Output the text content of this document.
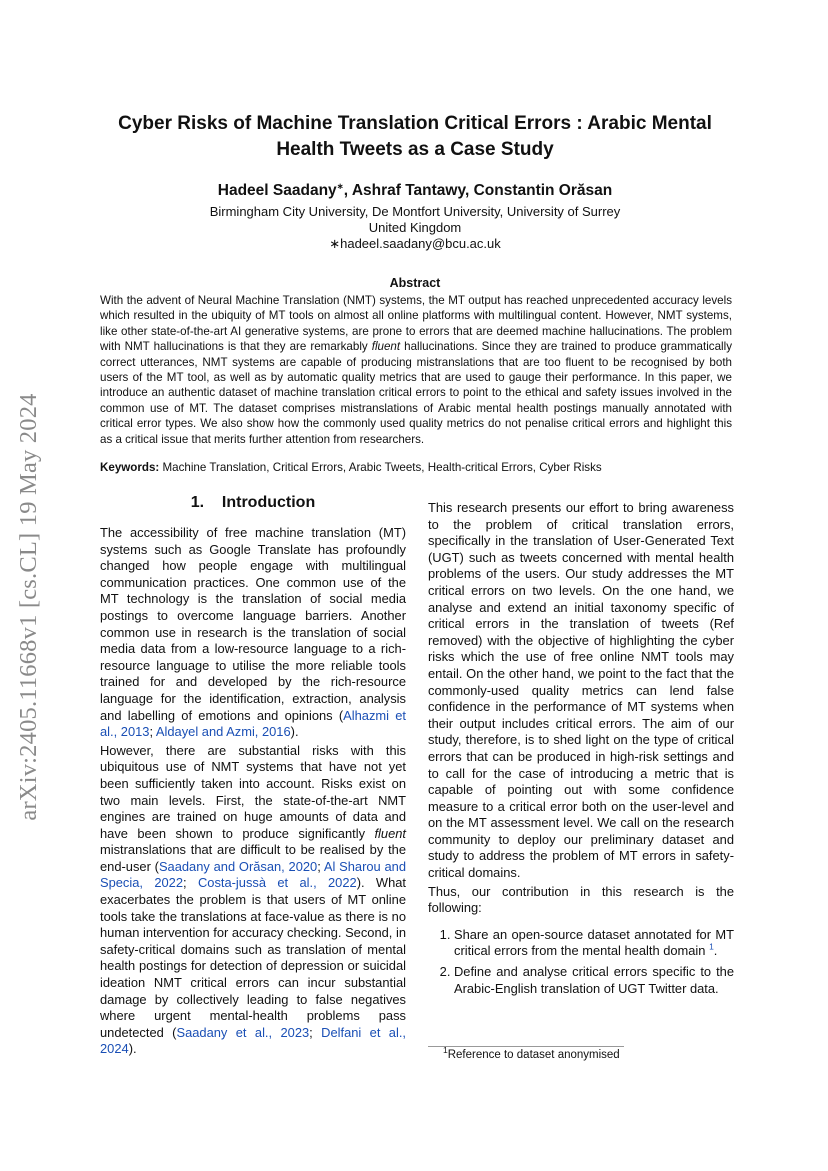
arXiv:2405.11668v1 [cs.CL] 19 May 2024
Cyber Risks of Machine Translation Critical Errors : Arabic Mental
Health Tweets as a Case Study
Hadeel Saadany∗, Ashraf Tantawy, Constantin Orăsan
Birmingham City University, De Montfort University, University of Surrey
United Kingdom
∗hadeel.saadany@bcu.ac.uk
Abstract
With the advent of Neural Machine Translation (NMT) systems, the MT output has reached unprecedented accuracy levels which resulted in the ubiquity of MT tools on almost all online platforms with multilingual content. However, NMT systems, like other state-of-the-art AI generative systems, are prone to errors that are deemed machine hallucinations. The problem with NMT hallucinations is that they are remarkably fluent hallucinations. Since they are trained to produce grammatically correct utterances, NMT systems are capable of producing mistranslations that are too fluent to be recognised by both users of the MT tool, as well as by automatic quality metrics that are used to gauge their performance. In this paper, we introduce an authentic dataset of machine translation critical errors to point to the ethical and safety issues involved in the common use of MT. The dataset comprises mistranslations of Arabic mental health postings manually annotated with critical error types. We also show how the commonly used quality metrics do not penalise critical errors and highlight this as a critical issue that merits further attention from researchers.
Keywords: Machine Translation, Critical Errors, Arabic Tweets, Health-critical Errors, Cyber Risks
1. Introduction

The accessibility of free machine translation (MT) systems such as Google Translate has profoundly changed how people engage with multilingual communication practices. One common use of the MT technology is the translation of social media postings to overcome language barriers. Another common use in research is the translation of social media data from a low-resource language to a rich-resource language to utilise the more reliable tools trained for and developed by the rich-resource language for the identification, extraction, analysis and labelling of emotions and opinions (Alhazmi et al., 2013; Aldayel and Azmi, 2016).

However, there are substantial risks with this ubiquitous use of NMT systems that have not yet been sufficiently taken into account. Risks exist on two main levels. First, the state-of-the-art NMT engines are trained on huge amounts of data and have been shown to produce significantly fluent mistranslations that are difficult to be realised by the end-user (Saadany and Orăsan, 2020; Al Sharou and Specia, 2022; Costa-jussà et al., 2022). What exacerbates the problem is that users of MT online tools take the translations at face-value as there is no human intervention for accuracy checking. Second, in safety-critical domains such as translation of mental health postings for detection of depression or suicidal ideation NMT critical errors can incur substantial damage by collectively leading to false negatives where urgent mental-health problems pass undetected (Saadany et al., 2023; Delfani et al., 2024).

This research presents our effort to bring awareness to the problem of critical translation errors, specifically in the translation of User-Generated Text (UGT) such as tweets concerned with mental health problems of the users. Our study addresses the MT critical errors on two levels. On the one hand, we analyse and extend an initial taxonomy specific of critical errors in the translation of tweets (Ref removed) with the objective of highlighting the cyber risks which the use of free online NMT tools may entail. On the other hand, we point to the fact that the commonly-used quality metrics can lend false confidence in the performance of MT systems when their output includes critical errors. The aim of our study, therefore, is to shed light on the type of critical errors that can be produced in high-risk settings and to call for the case of introducing a metric that is capable of pointing out with some confidence measure to a critical error both on the user-level and on the MT assessment level. We call on the research community to deploy our preliminary dataset and study to address the problem of MT errors in safety-critical domains.

Thus, our contribution in this research is the following:

1. Share an open-source dataset annotated for MT critical errors from the mental health domain $^1$.
2. Define and analyse critical errors specific to the Arabic-English translation of UGT Twitter data.
$^1$Reference to dataset anonymised
